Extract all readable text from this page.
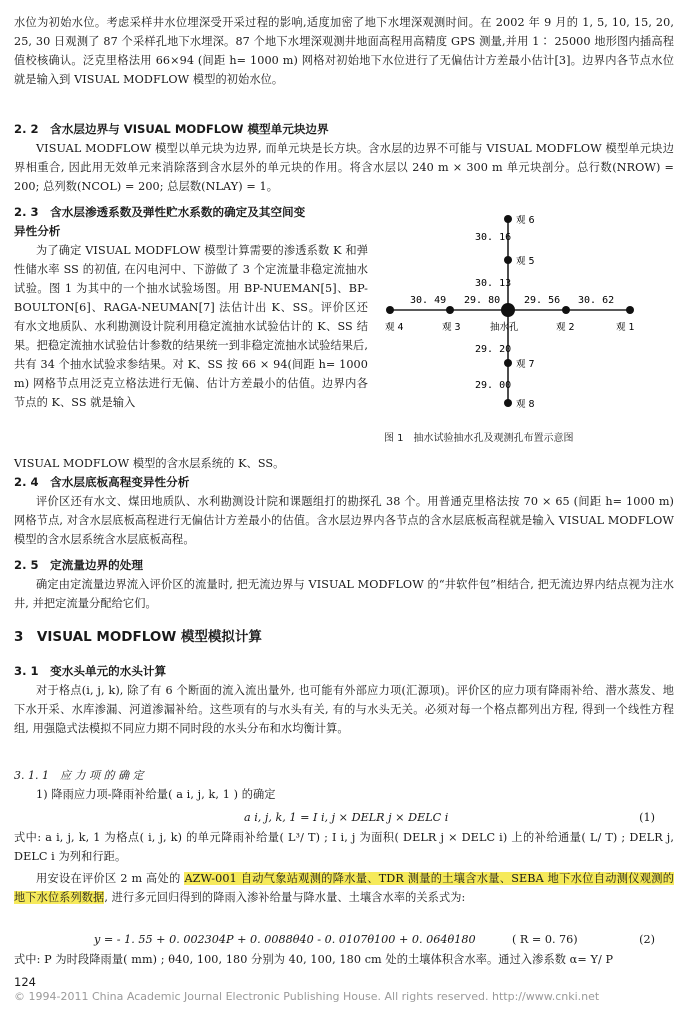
水位为初始水位。考虑采样井水位埋深受开采过程的影响,适度加密了地下水埋深观测时间。在 2002 年 9 月的 1, 5, 10, 15, 20, 25, 30 日观测了 87 个采样孔地下水埋深。87 个地下水埋深观测井地面高程用高精度 GPS 测量,并用 1∶ 25000 地形图内插高程值校核确认。泛克里格法用 66×94 (间距 h= 1000 m) 网格对初始地下水位进行了无偏估计方差最小估计[3]。边界内各节点水位就是输入到 VISUAL MODFLOW 模型的初始水位。
2. 2　含水层边界与 VISUAL MODFLOW 模型单元块边界
VISUAL MODFLOW 模型以单元块为边界, 而单元块是长方块。含水层的边界不可能与 VISUAL MODFLOW 模型单元块边界相重合, 因此用无效单元来消除落到含水层外的单元块的作用。将含水层以 240 m × 300 m 单元块剖分。总行数(NROW) = 200; 总列数(NCOL) = 200; 总层数(NLAY) = 1。
2. 3　含水层渗透系数及弹性贮水系数的确定及其空间变
异性分析
为了确定 VISUAL MODFLOW 模型计算需要的渗透系数 K 和弹性储水率 SS 的初值, 在闪电河中、下游做了 3 个定流量非稳定流抽水试验。图 1 为其中的一个抽水试验场图。用 BP-NUEMAN[5]、BP-BOULTON[6]、RAGA-NEUMAN[7] 法估计出 K、SS。评价区还有水文地质队、水利勘测设计院利用稳定流抽水试验估计的 K、SS 结果。把稳定流抽水试验估计参数的结果统一到非稳定流抽水试验结果后, 共有 34 个抽水试验求参结果。对 K、SS 按 66 × 94(间距 h= 1000 m) 网格节点用泛克立格法进行无偏、估计方差最小的估值。边界内各节点的 K、SS 就是输入
VISUAL MODFLOW 模型的含水层系统的 K、SS。
30. 49 29. 80 29. 56 30. 62
30. 16
30. 13
29. 20
29. 00
观 6
观 5
观 4	观 3	抽水孔	观 2	观 1
观 7
观 8
图 1　抽水试验抽水孔及观测孔布置示意图
2. 4　含水层底板高程变异性分析
评价区还有水文、煤田地质队、水利勘测设计院和课题组打的勘探孔 38 个。用普通克里格法按 70 × 65 (间距 h= 1000 m) 网格节点, 对含水层底板高程进行无偏估计方差最小的估值。含水层边界内各节点的含水层底板高程就是输入 VISUAL MODFLOW 模型的含水层系统含水层底板高程。
2. 5　定流量边界的处理
确定由定流量边界流入评价区的流量时, 把无流边界与 VISUAL MODFLOW 的“井软件包”相结合, 把无流边界内结点视为注水井, 并把定流量分配给它们。
3　VISUAL MODFLOW 模型模拟计算
3. 1　变水头单元的水头计算
对于格点(i, j, k), 除了有 6 个断面的流入流出量外, 也可能有外部应力项(汇源项)。评价区的应力项有降雨补给、潜水蒸发、地下水开采、水库渗漏、河道渗漏补给。这些项有的与水头有关, 有的与水头无关。必须对每一个格点都列出方程, 得到一个线性方程组, 用强隐式法模拟不同应力期不同时段的水头分布和水均衡计算。
3. 1. 1　应 力 项 的 确 定
1) 降雨应力项-降雨补给量( a i, j, k, 1 ) 的确定
a i, j, k, 1 = I i, j × DELR j × DELC i	(1)
式中: a i, j, k, 1 为格点( i, j, k) 的单元降雨补给量( L³/ T) ; I i, j 为面积( DELR j × DELC i) 上的补给通量( L/ T) ; DELR j, DELC i 为列和行距。
用安设在评价区 2 m 高处的 AZW-001 自动气象站观测的降水量、TDR 测量的土壤含水量、SEBA 地下水位自动测仪观测的地下水位系列数据, 进行多元回归得到的降雨入渗补给量与降水量、土壤含水率的关系式为:
y = - 1. 55 + 0. 002304P + 0. 0088θ40 - 0. 0107θ100 + 0. 064θ180	( R = 0. 76)	(2)
式中: P 为时段降雨量( mm) ; θ40, 100, 180 分别为 40, 100, 180 cm 处的土壤体积含水率。通过入渗系数 α= Y/ P
124
© 1994-2011 China Academic Journal Electronic Publishing House. All rights reserved. http://www.cnki.net
